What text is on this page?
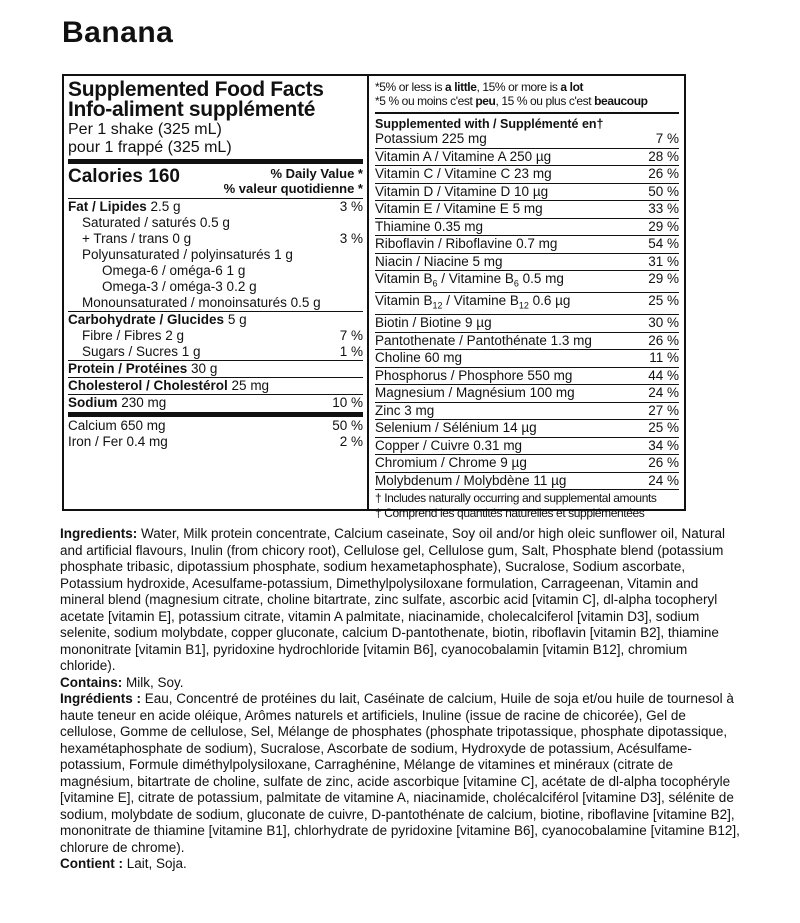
Banana
Supplemented Food Facts
Info-aliment supplémenté
Per 1 shake (325 mL)
pour 1 frappé (325 mL)
Calories 160	% Daily Value *
% valeur quotidienne *
Fat / Lipides 2.5 g	3 %
Saturated / saturés 0.5 g
+ Trans / trans 0 g	3 %
Polyunsaturated / polyinsaturés 1 g
Omega-6 / oméga-6 1 g
Omega-3 / oméga-3 0.2 g
Monounsaturated / monoinsaturés 0.5 g
Carbohydrate / Glucides 5 g
Fibre / Fibres 2 g	7 %
Sugars / Sucres 1 g	1 %
Protein / Protéines 30 g
Cholesterol / Cholestérol 25 mg
Sodium 230 mg	10 %
Calcium 650 mg	50 %
Iron / Fer 0.4 mg	2 %
*5% or less is a little, 15% or more is a lot
*5 % ou moins c'est peu, 15 % ou plus c'est beaucoup
Supplemented with / Supplémenté en†
Potassium 225 mg	7 %
Vitamin A / Vitamine A 250 µg	28 %
Vitamin C / Vitamine C 23 mg	26 %
Vitamin D / Vitamine D 10 µg	50 %
Vitamin E / Vitamine E 5 mg	33 %
Thiamine 0.35 mg	29 %
Riboflavin / Riboflavine 0.7 mg	54 %
Niacin / Niacine 5 mg	31 %
Vitamin $B_6$ / Vitamine $B_6$ 0.5 mg	29 %
Vitamin $B_{12}$ / Vitamine $B_{12}$ 0.6 µg	25 %
Biotin / Biotine 9 µg	30 %
Pantothenate / Pantothénate 1.3 mg	26 %
Choline 60 mg	11 %
Phosphorus / Phosphore 550 mg	44 %
Magnesium / Magnésium 100 mg	24 %
Zinc 3 mg	27 %
Selenium / Sélénium 14 µg	25 %
Copper / Cuivre 0.31 mg	34 %
Chromium / Chrome 9 µg	26 %
Molybdenum / Molybdène 11 µg	24 %
† Includes naturally occurring and supplemental amounts
† Comprend les quantités naturelles et supplémentées

Ingredients: Water, Milk protein concentrate, Calcium caseinate, Soy oil and/or high oleic sunflower oil, Natural and artificial flavours, Inulin (from chicory root), Cellulose gel, Cellulose gum, Salt, Phosphate blend (potassium phosphate tribasic, dipotassium phosphate, sodium hexametaphosphate), Sucralose, Sodium ascorbate, Potassium hydroxide, Acesulfame-potassium, Dimethylpolysiloxane formulation, Carrageenan, Vitamin and mineral blend (magnesium citrate, choline bitartrate, zinc sulfate, ascorbic acid [vitamin C], dl-alpha tocopheryl acetate [vitamin E], potassium citrate, vitamin A palmitate, niacinamide, cholecalciferol [vitamin D3], sodium selenite, sodium molybdate, copper gluconate, calcium D-pantothenate, biotin, riboflavin [vitamin B2], thiamine mononitrate [vitamin B1], pyridoxine hydrochloride [vitamin B6], cyanocobalamin [vitamin B12], chromium chloride).

Contains: Milk, Soy.

Ingrédients : Eau, Concentré de protéines du lait, Caséinate de calcium, Huile de soja et/ou huile de tournesol à haute teneur en acide oléique, Arômes naturels et artificiels, Inuline (issue de racine de chicorée), Gel de cellulose, Gomme de cellulose, Sel, Mélange de phosphates (phosphate tripotassique, phosphate dipotassique, hexamétaphosphate de sodium), Sucralose, Ascorbate de sodium, Hydroxyde de potassium, Acésulfame-potassium, Formule diméthylpolysiloxane, Carraghénine, Mélange de vitamines et minéraux (citrate de magnésium, bitartrate de choline, sulfate de zinc, acide ascorbique [vitamine C], acétate de dl-alpha tocophéryle [vitamine E], citrate de potassium, palmitate de vitamine A, niacinamide, cholécalciférol [vitamine D3], sélénite de sodium, molybdate de sodium, gluconate de cuivre, D-pantothénate de calcium, biotine, riboflavine [vitamine B2], mononitrate de thiamine [vitamine B1], chlorhydrate de pyridoxine [vitamine B6], cyanocobalamine [vitamine B12], chlorure de chrome).

Contient : Lait, Soja.
